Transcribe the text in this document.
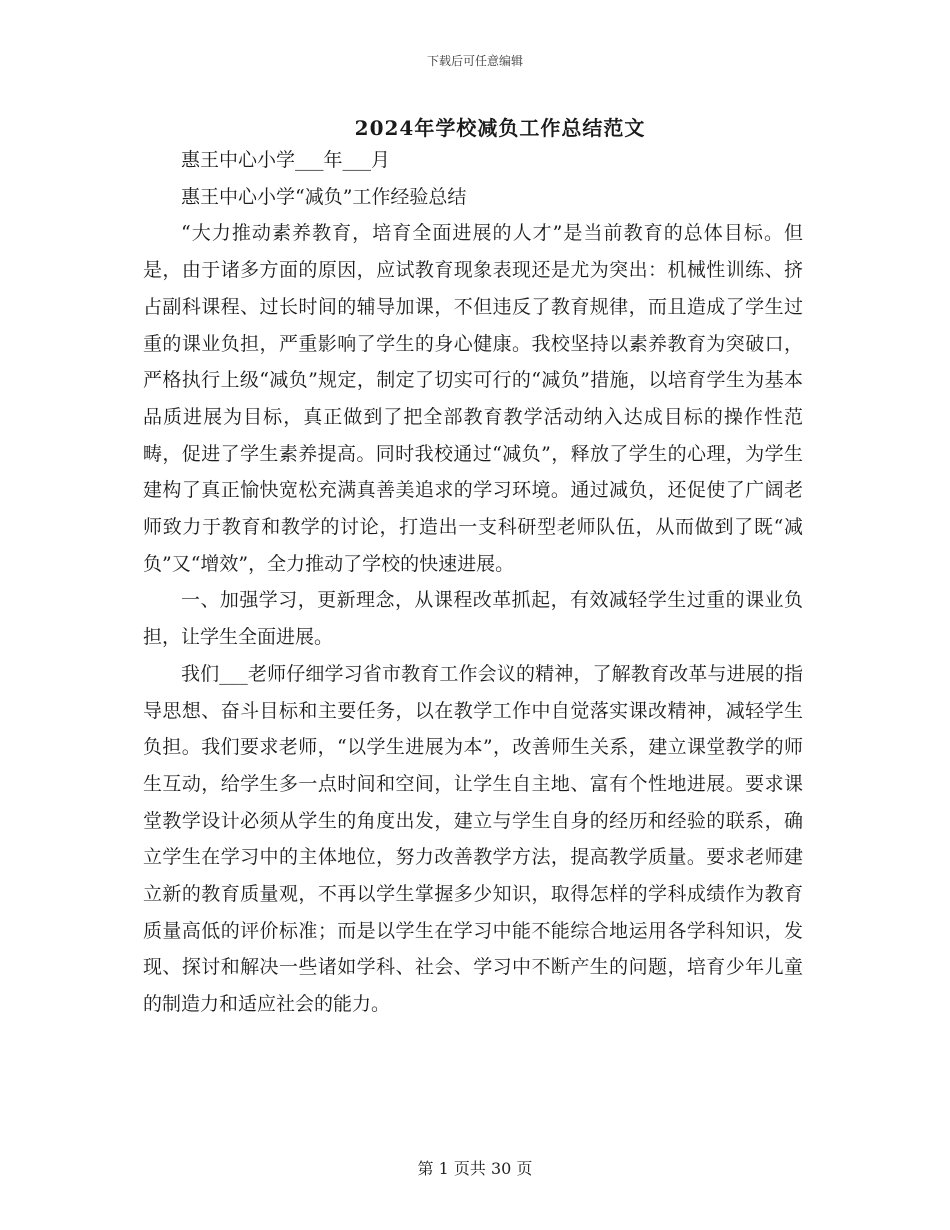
下载后可任意编辑
2024年学校减负工作总结范文

惠王中心小学___年___月

惠王中心小学“减负”工作经验总结

“大力推动素养教育，培育全面进展的人才”是当前教育的总体目标。但是，由于诸多方面的原因，应试教育现象表现还是尤为突出：机械性训练、挤占副科课程、过长时间的辅导加课，不但违反了教育规律，而且造成了学生过重的课业负担，严重影响了学生的身心健康。我校坚持以素养教育为突破口，严格执行上级“减负”规定，制定了切实可行的“减负”措施，以培育学生为基本品质进展为目标，真正做到了把全部教育教学活动纳入达成目标的操作性范畴，促进了学生素养提高。同时我校通过“减负”，释放了学生的心理，为学生建构了真正愉快宽松充满真善美追求的学习环境。通过减负，还促使了广阔老师致力于教育和教学的讨论，打造出一支科研型老师队伍，从而做到了既“减负”又“增效”，全力推动了学校的快速进展。

一、加强学习，更新理念，从课程改革抓起，有效减轻学生过重的课业负担，让学生全面进展。

我们___老师仔细学习省市教育工作会议的精神，了解教育改革与进展的指导思想、奋斗目标和主要任务，以在教学工作中自觉落实课改精神，减轻学生负担。我们要求老师，“以学生进展为本”，改善师生关系，建立课堂教学的师生互动，给学生多一点时间和空间，让学生自主地、富有个性地进展。要求课堂教学设计必须从学生的角度出发，建立与学生自身的经历和经验的联系，确立学生在学习中的主体地位，努力改善教学方法，提高教学质量。要求老师建立新的教育质量观，不再以学生掌握多少知识，取得怎样的学科成绩作为教育质量高低的评价标准；而是以学生在学习中能不能综合地运用各学科知识，发现、探讨和解决一些诸如学科、社会、学习中不断产生的问题，培育少年儿童的制造力和适应社会的能力。

第 1 页共 30 页
